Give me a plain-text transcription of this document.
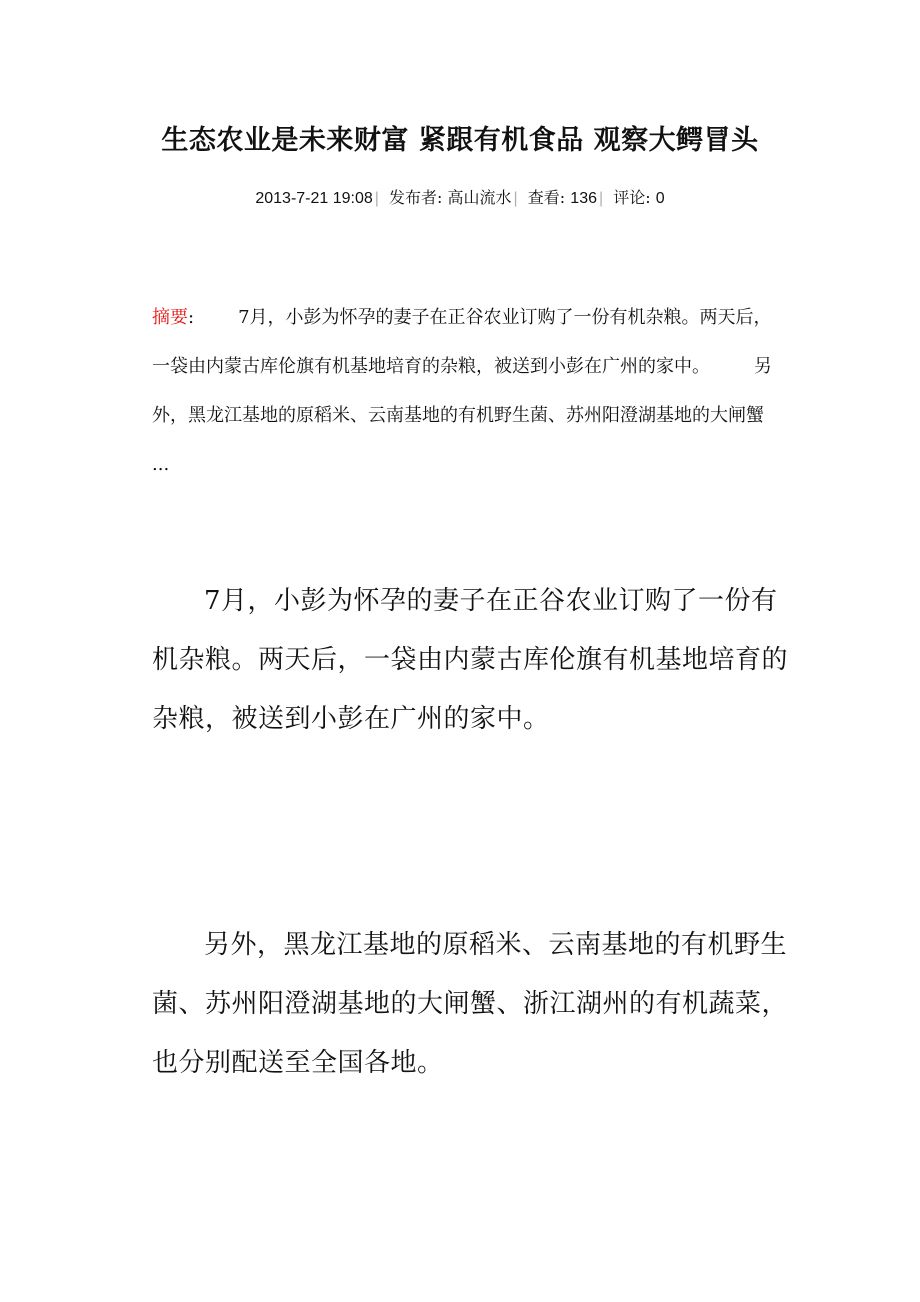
生态农业是未来财富 紧跟有机食品 观察大鳄冒头
2013-7-21 19:08 | 发布者: 高山流水 | 查看: 136 | 评论: 0
摘要: 7月，小彭为怀孕的妻子在正谷农业订购了一份有机杂粮。两天后，一袋由内蒙古库伦旗有机基地培育的杂粮，被送到小彭在广州的家中。 另外，黑龙江基地的原稻米、云南基地的有机野生菌、苏州阳澄湖基地的大闸蟹 ...

7月，小彭为怀孕的妻子在正谷农业订购了一份有机杂粮。两天后，一袋由内蒙古库伦旗有机基地培育的杂粮，被送到小彭在广州的家中。

另外，黑龙江基地的原稻米、云南基地的有机野生菌、苏州阳澄湖基地的大闸蟹、浙江湖州的有机蔬菜，也分别配送至全国各地。
